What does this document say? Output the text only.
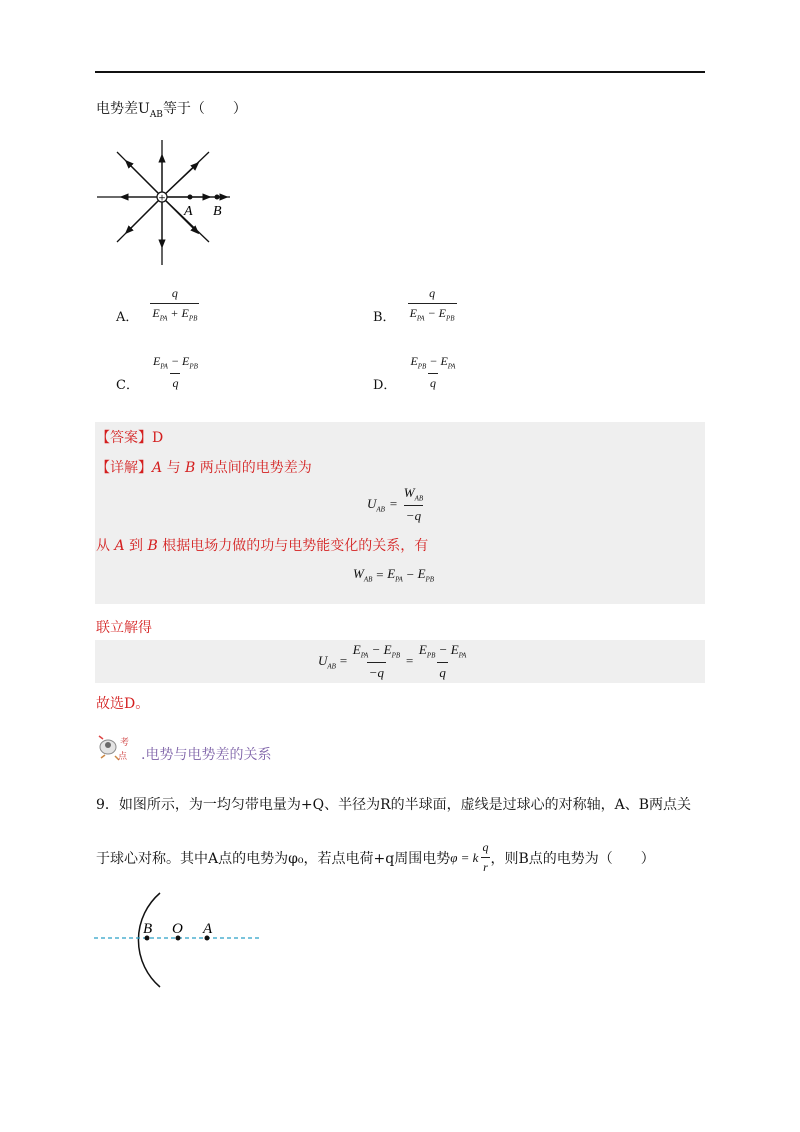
电势差$U_{AB}$等于（　　）
+
A B
A． $\frac{q}{E_{PA} + E_{PB}}$	B． $\frac{q}{E_{PA} - E_{PB}}$
C． $\frac{E_{PA} - E_{PB}}{q}$	D． $\frac{E_{PB} - E_{PA}}{q}$
【答案】D
【详解】A 与 B 两点间的电势差为
$U_{AB} = \frac{W_{AB}}{-q}$
从 A 到 B 根据电场力做的功与电势能变化的关系，有
$W_{AB} = E_{PA} - E_{PB}$
联立解得
$U_{AB} = \frac{E_{PA} - E_{PB}}{-q} = \frac{E_{PB} - E_{PA}}{q}$
故选D。
考
点 .电势与电势差的关系
9．如图所示，为一均匀带电量为+Q、半径为R的半球面，虚线是过球心的对称轴，A、B两点关
于球心对称。其中A点的电势为φ₀，若点电荷+q周围电势 φ = k $\frac{q}{r}$ ，则B点的电势为（　　）
B O A
